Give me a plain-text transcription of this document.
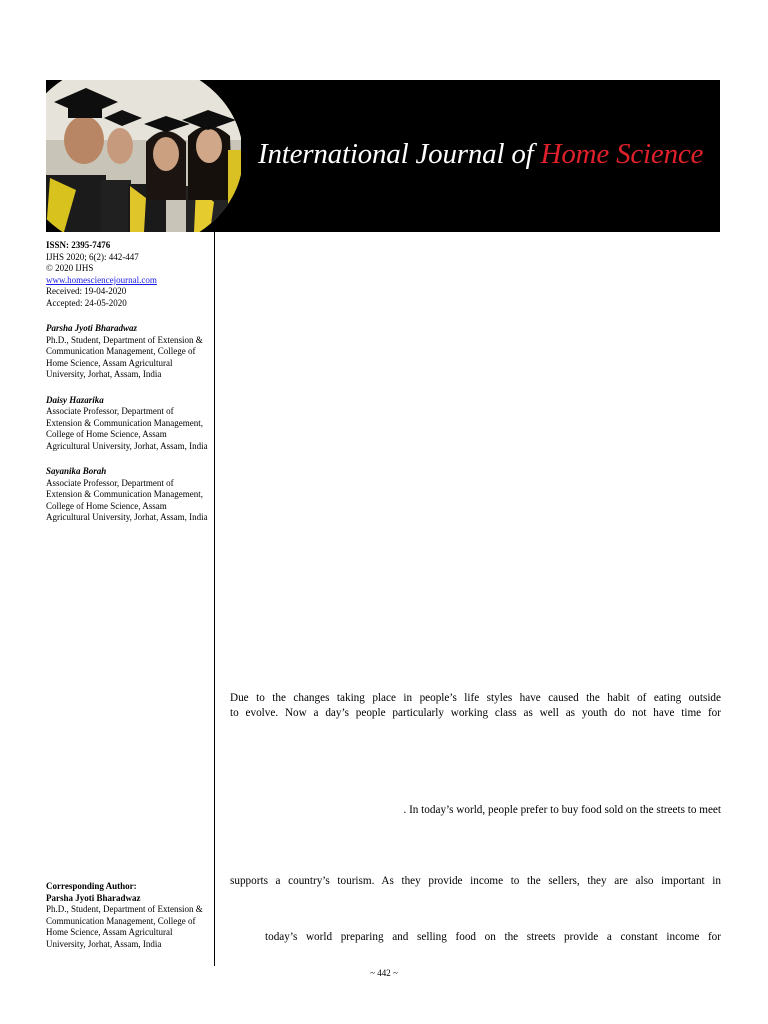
International Journal of Home Science
ISSN: 2395-7476
IJHS 2020; 6(2): 442-447
© 2020 IJHS
www.homesciencejournal.com
Received: 19-04-2020
Accepted: 24-05-2020
Parsha Jyoti Bharadwaz
Ph.D., Student, Department of Extension & Communication Management, College of Home Science, Assam Agricultural University, Jorhat, Assam, India
Daisy Hazarika
Associate Professor, Department of Extension & Communication Management, College of Home Science, Assam Agricultural University, Jorhat, Assam, India
Sayanika Borah
Associate Professor, Department of Extension & Communication Management, College of Home Science, Assam Agricultural University, Jorhat, Assam, India
Corresponding Author:
Parsha Jyoti Bharadwaz
Ph.D., Student, Department of Extension & Communication Management, College of Home Science, Assam Agricultural University, Jorhat, Assam, India
Due to the changes taking place in people’s life styles have caused the habit of eating outside
to evolve. Now a day’s people particularly working class as well as youth do not have time for
. In today’s world, people prefer to buy food sold on the streets to meet
supports a country’s tourism. As they provide income to the sellers, they are also important in
today’s world preparing and selling food on the streets provide a constant income for
~ 442 ~
